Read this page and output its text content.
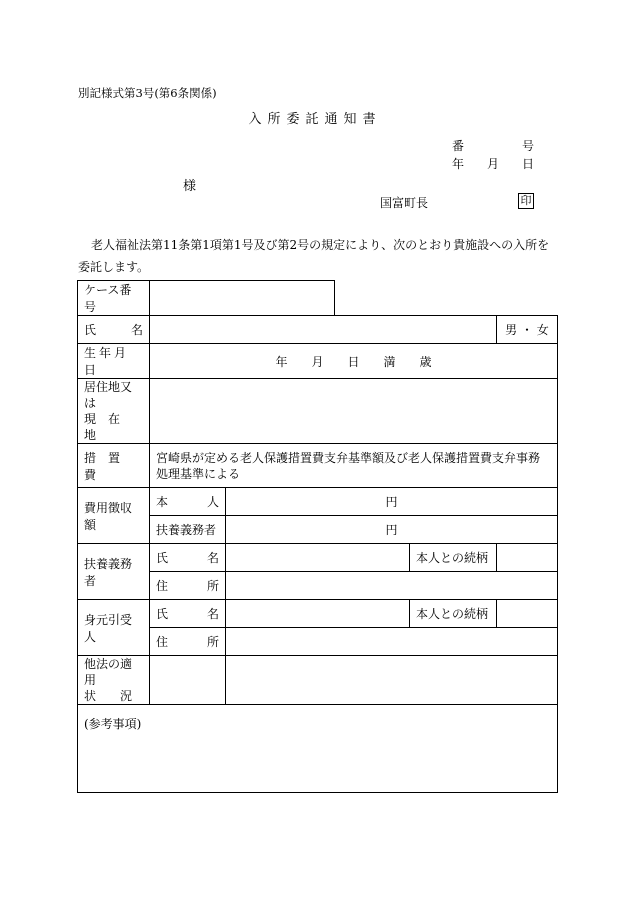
別記様式第3号(第6条関係)
入所委託通知書
番	号
年 月 日
様
国富町長	印
老人福祉法第11条第1項第1号及び第2号の規定により、次のとおり貴施設への入所を委託します。
ケース番号					

氏 名					男 ・ 女
生年月日	年　　月　　日　　満　　歳				

居住地又は
現　在　地					

措　置　費	宮崎県が定める老人保護措置費支弁基準額及び老人保護措置費支弁事務処理基準による				
費用徴収額	本 人	円			
	扶養義務者	円			
扶養義務者	氏 名			本人との続柄	

	住 所				

身元引受人	氏 名			本人との続柄	

	住 所				

他法の適用
状　　況					

(参考事項)					
